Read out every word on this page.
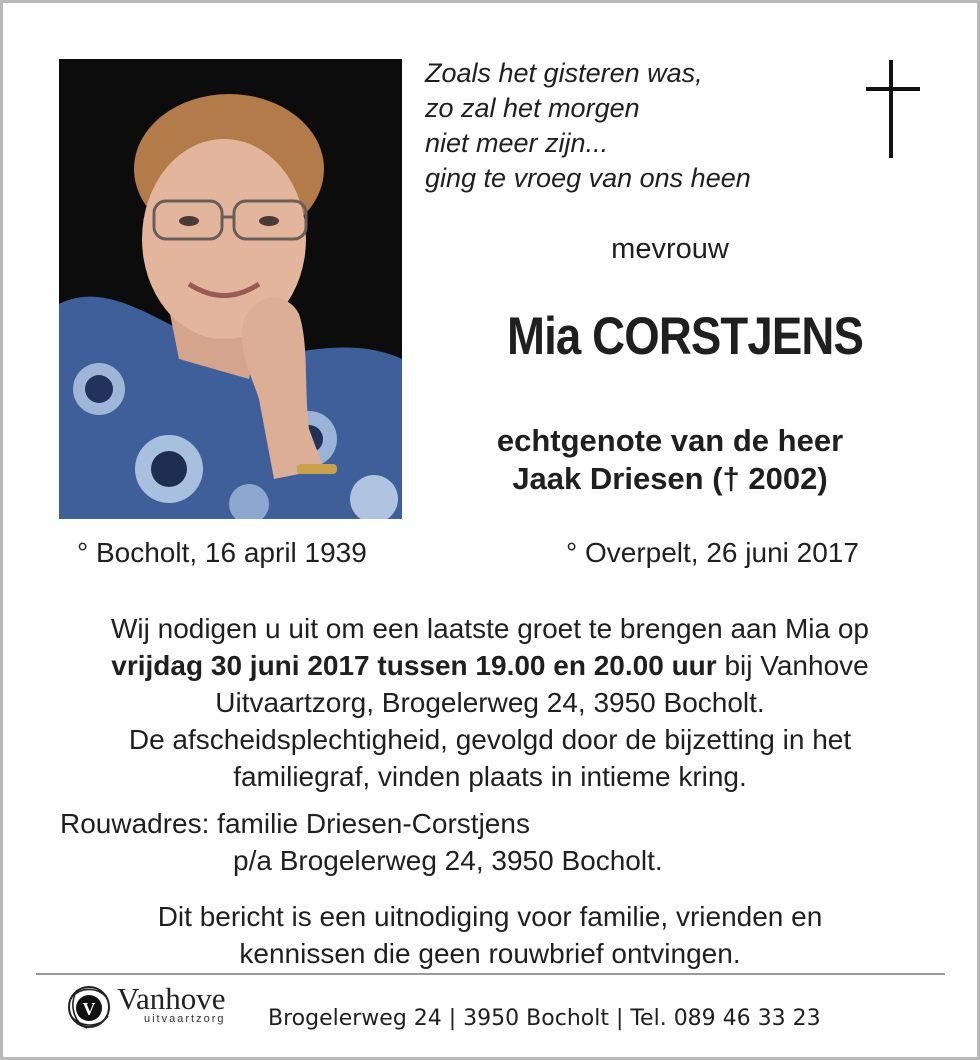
Zoals het gisteren was,
zo zal het morgen
niet meer zijn...
ging te vroeg van ons heen
mevrouw
Mia CORSTJENS
echtgenote van de heer
Jaak Driesen († 2002)
° Bocholt, 16 april 1939	° Overpelt, 26 juni 2017
Wij nodigen u uit om een laatste groet te brengen aan Mia op
vrijdag 30 juni 2017 tussen 19.00 en 20.00 uur bij Vanhove
Uitvaartzorg, Brogelerweg 24, 3950 Bocholt.
De afscheidsplechtigheid, gevolgd door de bijzetting in het
familiegraf, vinden plaats in intieme kring.
Rouwadres: familie Driesen-Corstjens
p/a Brogelerweg 24, 3950 Bocholt.
Dit bericht is een uitnodiging voor familie, vrienden en
kennissen die geen rouwbrief ontvingen.
V Vanhove
uitvaartzorg Brogelerweg 24 | 3950 Bocholt | Tel. 089 46 33 23
